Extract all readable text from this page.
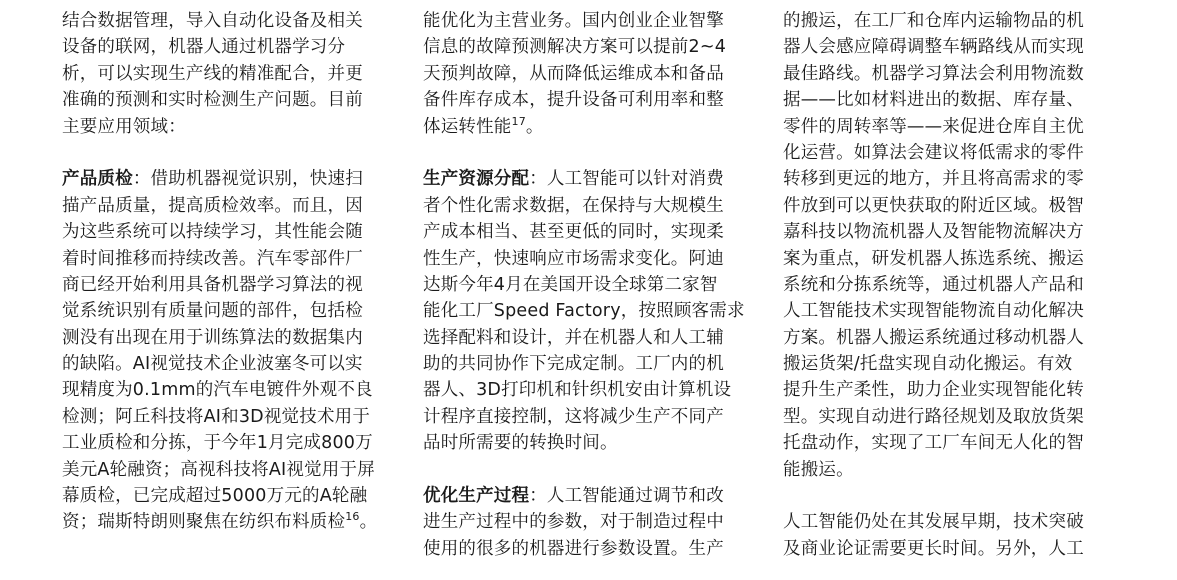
结合数据管理，导入自动化设备及相关
设备的联网，机器人通过机器学习分
析，可以实现生产线的精准配合，并更
准确的预测和实时检测生产问题。目前
主要应用领域：
产品质检：借助机器视觉识别，快速扫
描产品质量，提高质检效率。而且，因
为这些系统可以持续学习，其性能会随
着时间推移而持续改善。汽车零部件厂
商已经开始利用具备机器学习算法的视
觉系统识别有质量问题的部件，包括检
测没有出现在用于训练算法的数据集内
的缺陷。AI视觉技术企业波塞冬可以实
现精度为0.1mm的汽车电镀件外观不良
检测；阿丘科技将AI和3D视觉技术用于
工业质检和分拣，于今年1月完成800万
美元A轮融资；高视科技将AI视觉用于屏
幕质检，已完成超过5000万元的A轮融
资；瑞斯特朗则聚焦在纺织布料质检$^{16}$。
能优化为主营业务。国内创业企业智擎
信息的故障预测解决方案可以提前2~4
天预判故障，从而降低运维成本和备品
备件库存成本，提升设备可利用率和整
体运转性能$^{17}$。
生产资源分配：人工智能可以针对消费
者个性化需求数据，在保持与大规模生
产成本相当、甚至更低的同时，实现柔
性生产，快速响应市场需求变化。阿迪
达斯今年4月在美国开设全球第二家智
能化工厂Speed Factory，按照顾客需求
选择配料和设计，并在机器人和人工辅
助的共同协作下完成定制。工厂内的机
器人、3D打印机和针织机安由计算机设
计程序直接控制，这将减少生产不同产
品时所需要的转换时间。
优化生产过程：人工智能通过调节和改
进生产过程中的参数，对于制造过程中
使用的很多的机器进行参数设置。生产
的搬运，在工厂和仓库内运输物品的机
器人会感应障碍调整车辆路线从而实现
最佳路线。机器学习算法会利用物流数
据——比如材料进出的数据、库存量、
零件的周转率等——来促进仓库自主优
化运营。如算法会建议将低需求的零件
转移到更远的地方，并且将高需求的零
件放到可以更快获取的附近区域。极智
嘉科技以物流机器人及智能物流解决方
案为重点，研发机器人拣选系统、搬运
系统和分拣系统等，通过机器人产品和
人工智能技术实现智能物流自动化解决
方案。机器人搬运系统通过移动机器人
搬运货架/托盘实现自动化搬运。有效
提升生产柔性，助力企业实现智能化转
型。实现自动进行路径规划及取放货架
托盘动作，实现了工厂车间无人化的智
能搬运。
人工智能仍处在其发展早期，技术突破
及商业论证需要更长时间。另外，人工
